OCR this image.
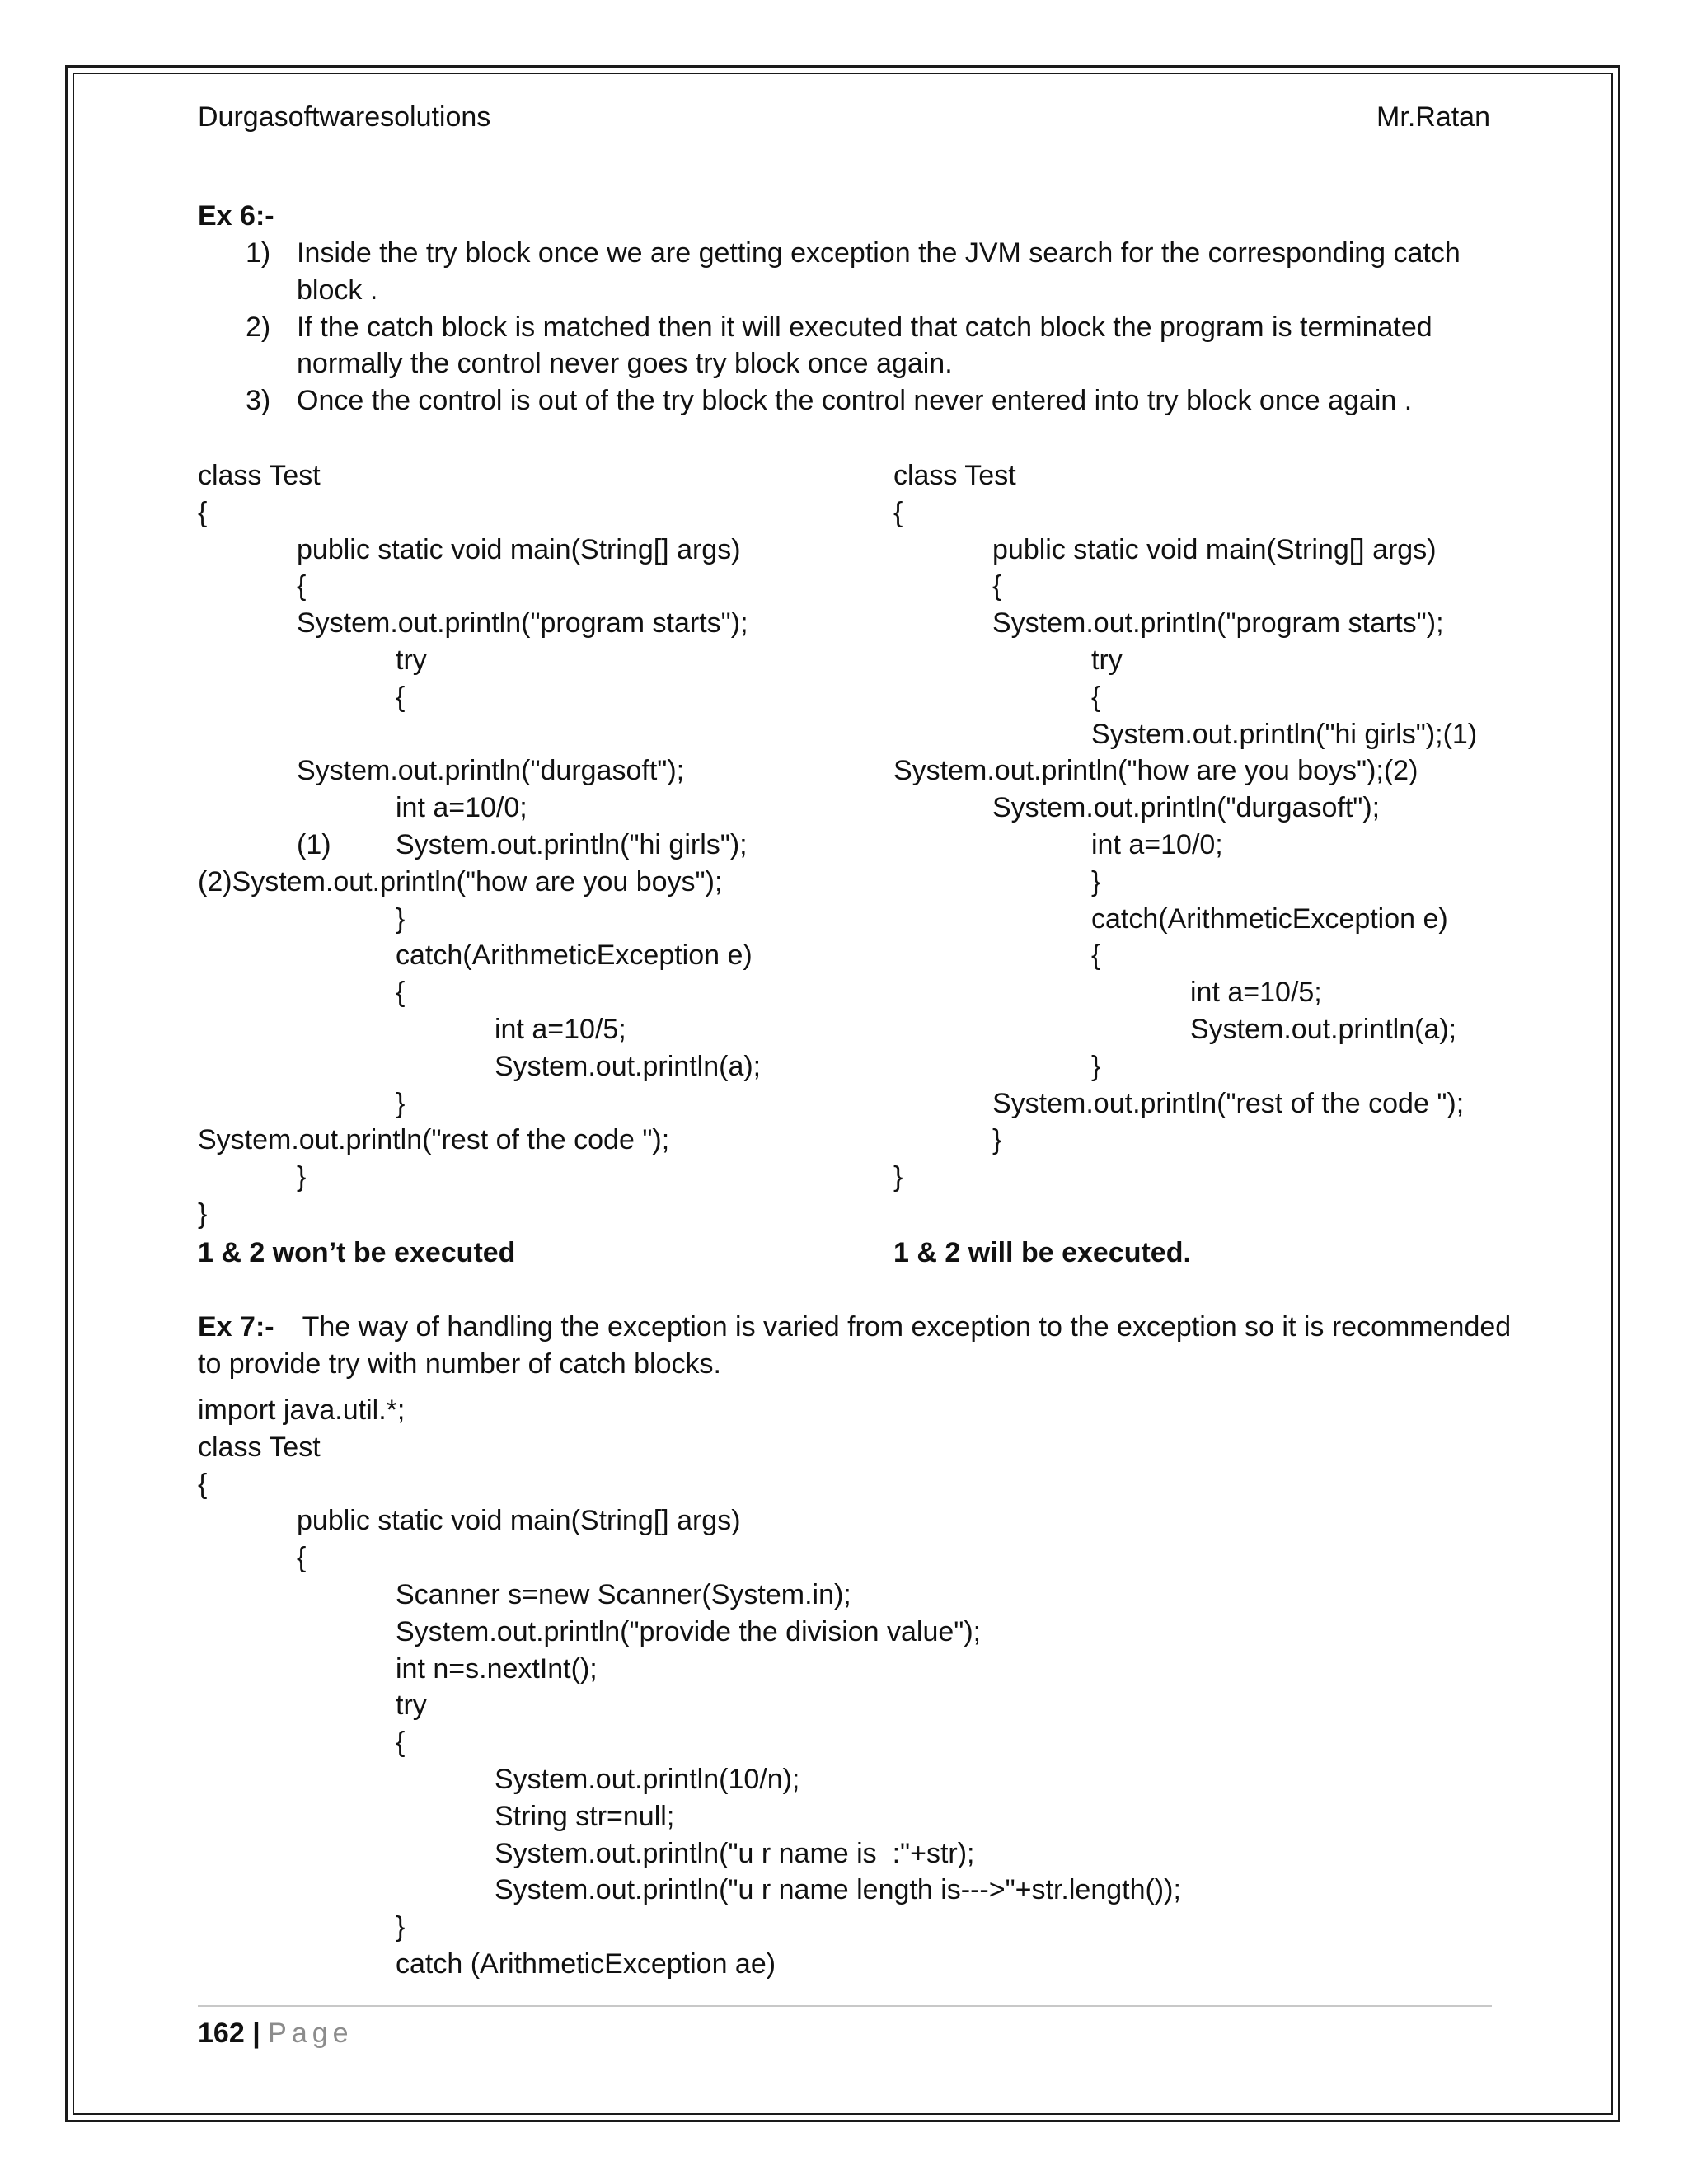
Durgasoftwaresolutions	Mr.Ratan
Ex 6:-
1) Inside the try block once we are getting exception the JVM search for the corresponding catch block .
2) If the catch block is matched then it will executed that catch block the program is terminated normally the control never goes try block once again.
3) Once the control is out of the try block the control never entered into try block once again .
class Test
{
public static void main(String[] args)
{
System.out.println("program starts");
try
{
System.out.println("durgasoft");
int a=10/0;
(1) System.out.println("hi girls");
(2)System.out.println("how are you boys");
}
catch(ArithmeticException e)
{
int a=10/5;
System.out.println(a);
}
System.out.println("rest of the code ");
}
}
class Test
{
public static void main(String[] args)
{
System.out.println("program starts");
try
{
System.out.println("hi girls");(1)
System.out.println("how are you boys");(2)
System.out.println("durgasoft");
int a=10/0;
}
catch(ArithmeticException e)
{
int a=10/5;
System.out.println(a);
}
System.out.println("rest of the code ");
}
}
1 & 2 won’t be executed	1 & 2 will be executed.
Ex 7:- The way of handling the exception is varied from exception to the exception so it is recommended to provide try with number of catch blocks.
import java.util.*;
class Test
{
public static void main(String[] args)
{
Scanner s=new Scanner(System.in);
System.out.println("provide the division value");
int n=s.nextInt();
try
{
System.out.println(10/n);
String str=null;
System.out.println("u r name is  :"+str);
System.out.println("u r name length is--->"+str.length());
}
catch (ArithmeticException ae)
162 | Page
